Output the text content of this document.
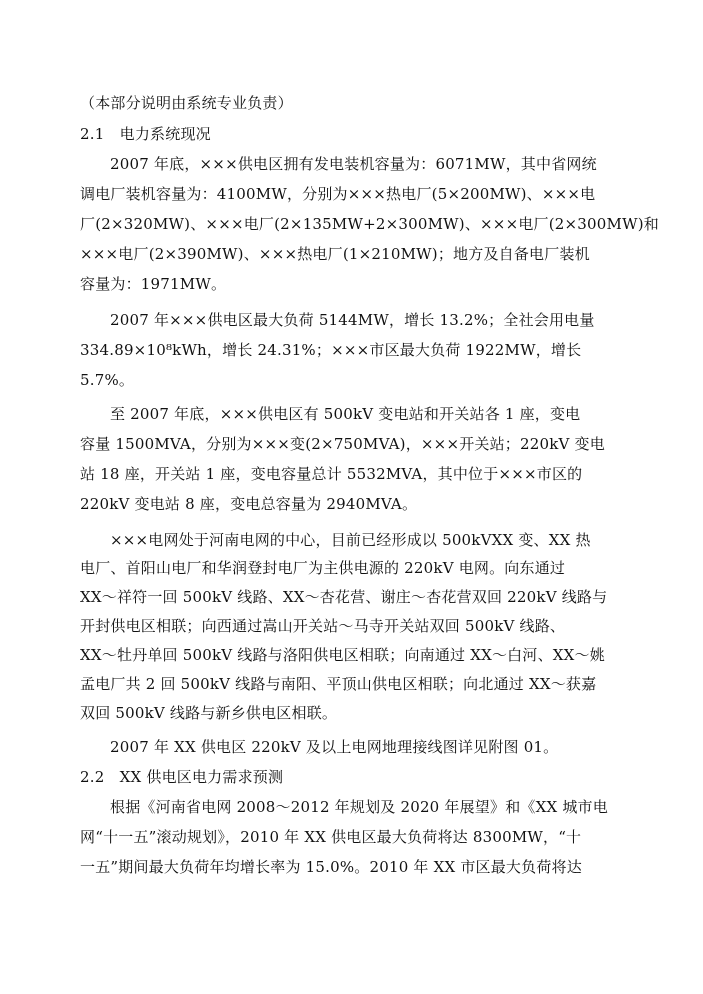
（本部分说明由系统专业负责）
2.1　电力系统现况
2007 年底，×××供电区拥有发电装机容量为：6071MW，其中省网统
调电厂装机容量为：4100MW，分别为×××热电厂(5×200MW)、×××电
厂(2×320MW)、×××电厂(2×135MW+2×300MW)、×××电厂(2×300MW)和
×××电厂(2×390MW)、×××热电厂(1×210MW)；地方及自备电厂装机
容量为：1971MW。
2007 年×××供电区最大负荷 5144MW，增长 13.2%；全社会用电量
334.89×10⁸kWh，增长 24.31%；×××市区最大负荷 1922MW，增长
5.7%。
至 2007 年底，×××供电区有 500kV 变电站和开关站各 1 座，变电
容量 1500MVA，分别为×××变(2×750MVA)，×××开关站；220kV 变电
站 18 座，开关站 1 座，变电容量总计 5532MVA，其中位于×××市区的
220kV 变电站 8 座，变电总容量为 2940MVA。
×××电网处于河南电网的中心，目前已经形成以 500kVXX 变、XX 热
电厂、首阳山电厂和华润登封电厂为主供电源的 220kV 电网。向东通过
XX～祥符一回 500kV 线路、XX～杏花营、谢庄～杏花营双回 220kV 线路与
开封供电区相联；向西通过嵩山开关站～马寺开关站双回 500kV 线路、
XX～牡丹单回 500kV 线路与洛阳供电区相联；向南通过 XX～白河、XX～姚
孟电厂共 2 回 500kV 线路与南阳、平顶山供电区相联；向北通过 XX～获嘉
双回 500kV 线路与新乡供电区相联。
2007 年 XX 供电区 220kV 及以上电网地理接线图详见附图 01。
2.2　XX 供电区电力需求预测
根据《河南省电网 2008～2012 年规划及 2020 年展望》和《XX 城市电
网“十一五”滚动规划》，2010 年 XX 供电区最大负荷将达 8300MW，“十
一五”期间最大负荷年均增长率为 15.0%。2010 年 XX 市区最大负荷将达
